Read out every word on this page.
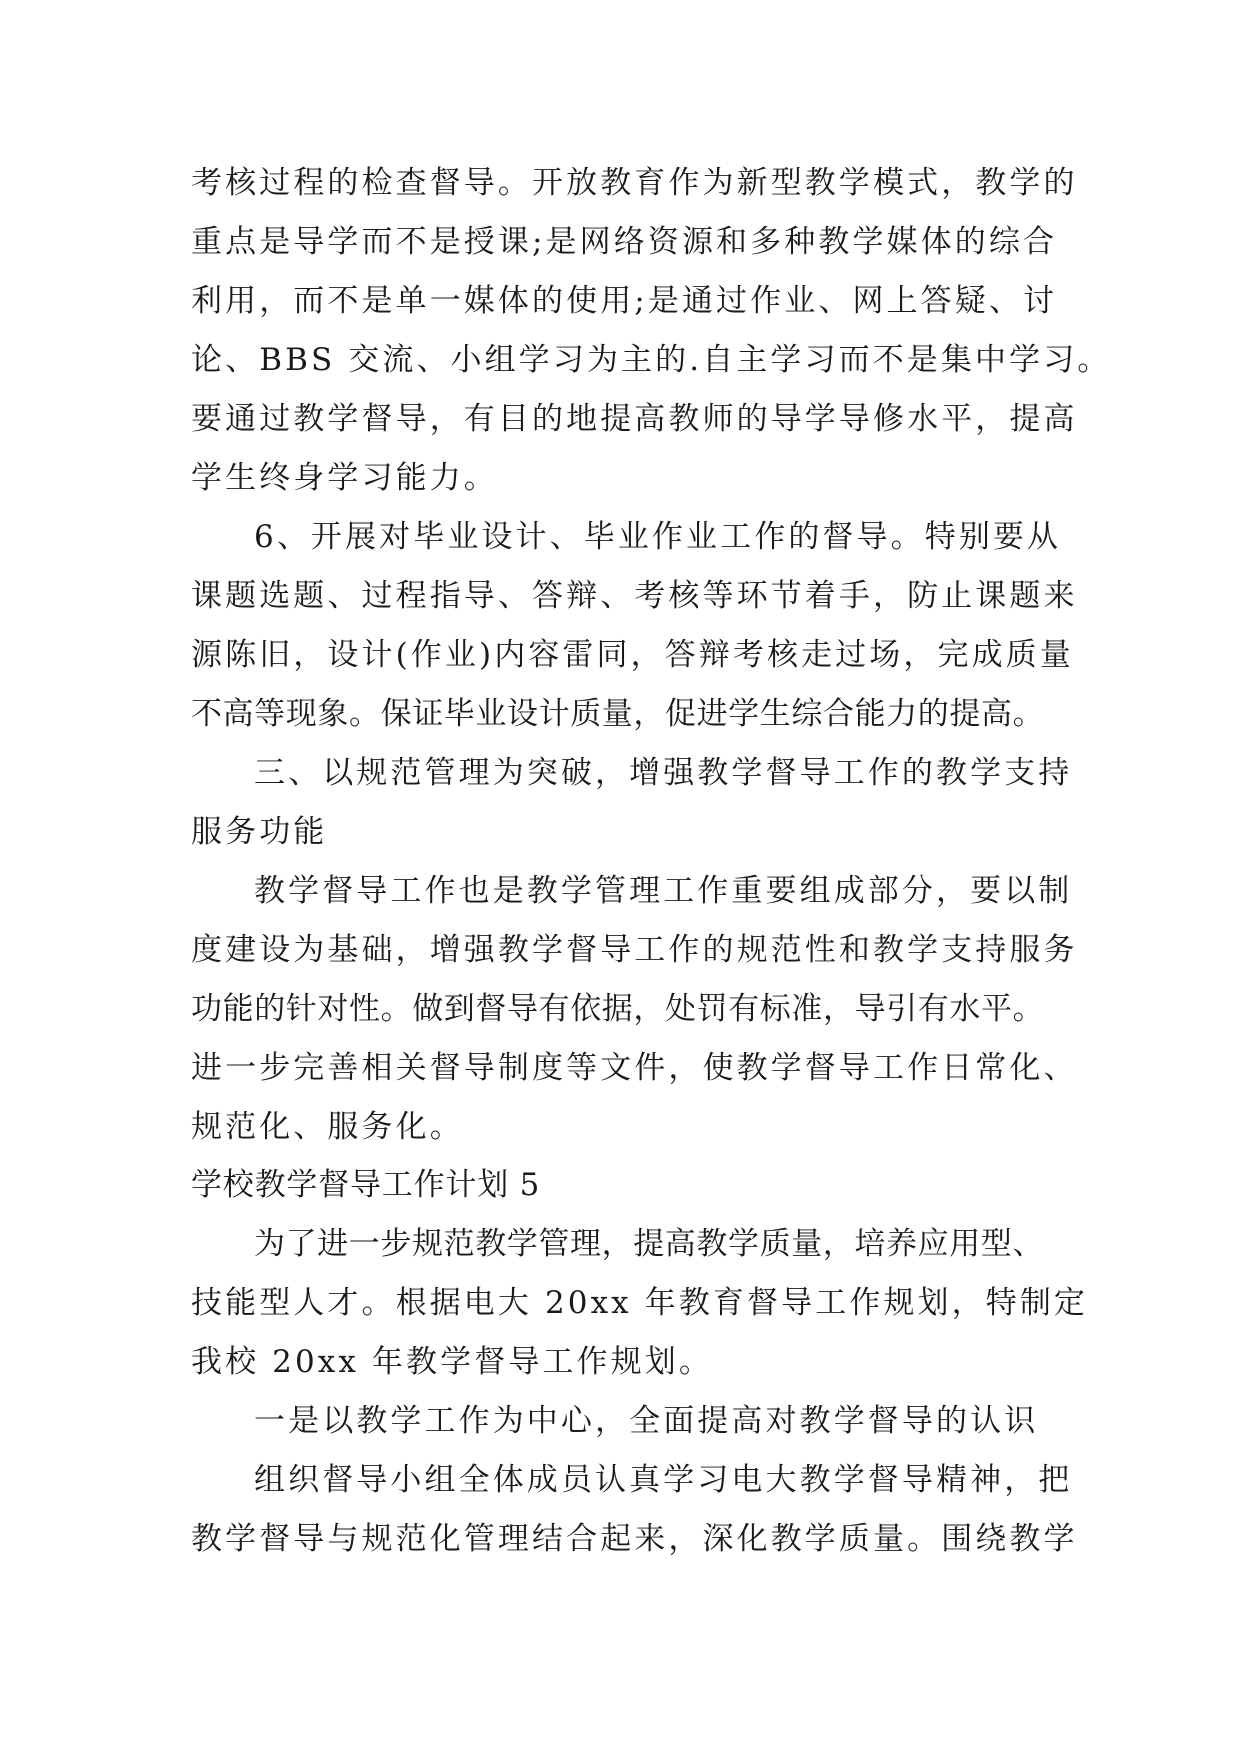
考核过程的检查督导。开放教育作为新型教学模式，教学的
重点是导学而不是授课;是网络资源和多种教学媒体的综合
利用，而不是单一媒体的使用;是通过作业、网上答疑、讨
论、BBS 交流、小组学习为主的.自主学习而不是集中学习。
要通过教学督导，有目的地提高教师的导学导修水平，提高
学生终身学习能力。
6、开展对毕业设计、毕业作业工作的督导。特别要从
课题选题、过程指导、答辩、考核等环节着手，防止课题来
源陈旧，设计(作业)内容雷同，答辩考核走过场，完成质量
不高等现象。保证毕业设计质量，促进学生综合能力的提高。
三、以规范管理为突破，增强教学督导工作的教学支持
服务功能
教学督导工作也是教学管理工作重要组成部分，要以制
度建设为基础，增强教学督导工作的规范性和教学支持服务
功能的针对性。做到督导有依据，处罚有标准，导引有水平。
进一步完善相关督导制度等文件，使教学督导工作日常化、
规范化、服务化。
学校教学督导工作计划 5
为了进一步规范教学管理，提高教学质量，培养应用型、
技能型人才。根据电大 20xx 年教育督导工作规划，特制定
我校 20xx 年教学督导工作规划。
一是以教学工作为中心，全面提高对教学督导的认识
组织督导小组全体成员认真学习电大教学督导精神，把
教学督导与规范化管理结合起来，深化教学质量。围绕教学
